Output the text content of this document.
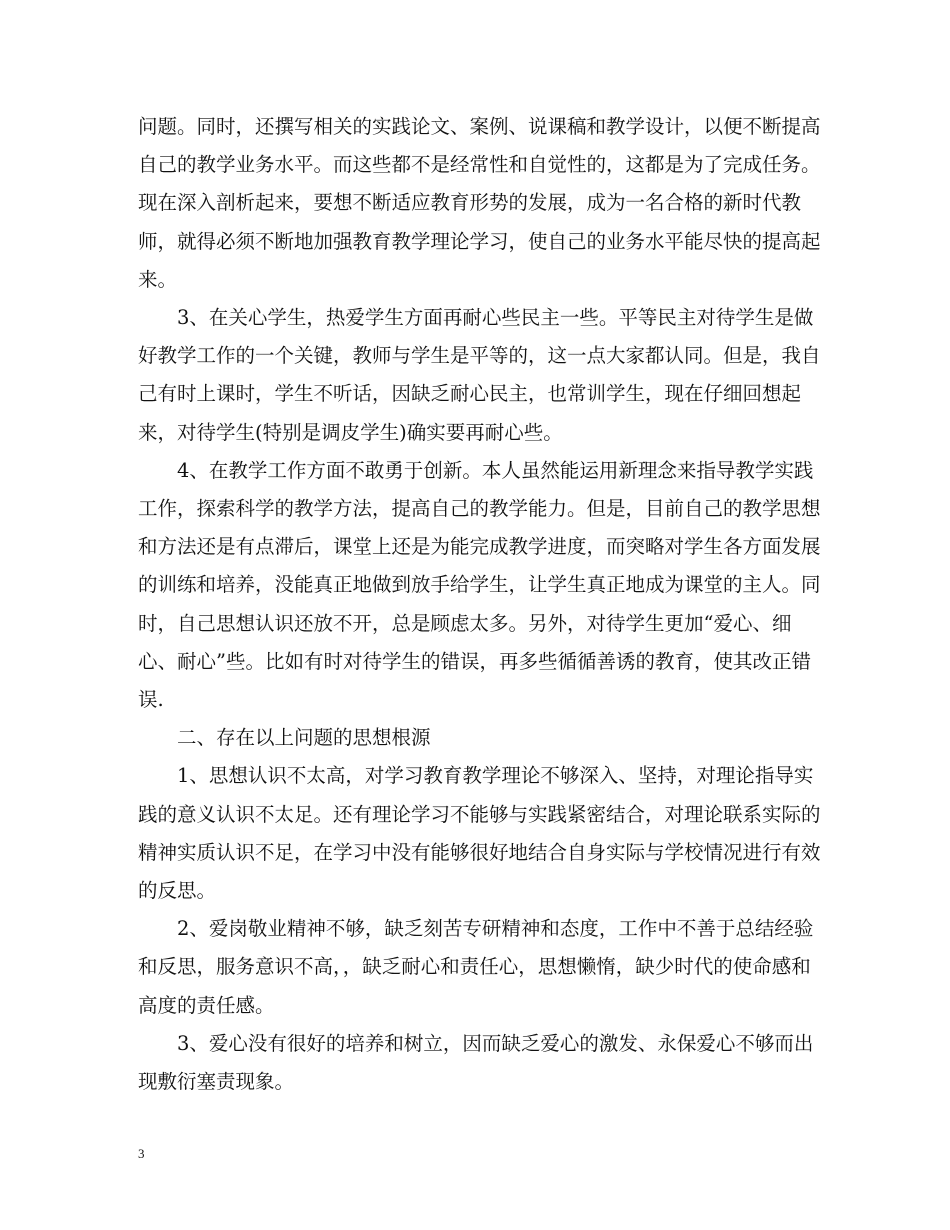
问题。同时，还撰写相关的实践论文、案例、说课稿和教学设计，以便不断提高自己的教学业务水平。而这些都不是经常性和自觉性的，这都是为了完成任务。现在深入剖析起来，要想不断适应教育形势的发展，成为一名合格的新时代教师，就得必须不断地加强教育教学理论学习，使自己的业务水平能尽快的提高起来。

3、在关心学生，热爱学生方面再耐心些民主一些。平等民主对待学生是做好教学工作的一个关键，教师与学生是平等的，这一点大家都认同。但是，我自己有时上课时，学生不听话，因缺乏耐心民主，也常训学生，现在仔细回想起来，对待学生(特别是调皮学生)确实要再耐心些。

4、在教学工作方面不敢勇于创新。本人虽然能运用新理念来指导教学实践工作，探索科学的教学方法，提高自己的教学能力。但是，目前自己的教学思想和方法还是有点滞后，课堂上还是为能完成教学进度，而突略对学生各方面发展的训练和培养，没能真正地做到放手给学生，让学生真正地成为课堂的主人。同时，自己思想认识还放不开，总是顾虑太多。另外，对待学生更加“爱心、细心、耐心”些。比如有时对待学生的错误，再多些循循善诱的教育，使其改正错误.

二、存在以上问题的思想根源

1、思想认识不太高，对学习教育教学理论不够深入、坚持，对理论指导实践的意义认识不太足。还有理论学习不能够与实践紧密结合，对理论联系实际的精神实质认识不足，在学习中没有能够很好地结合自身实际与学校情况进行有效的反思。

2、爱岗敬业精神不够，缺乏刻苦专研精神和态度，工作中不善于总结经验和反思，服务意识不高，，缺乏耐心和责任心，思想懒惰，缺少时代的使命感和高度的责任感。

3、爱心没有很好的培养和树立，因而缺乏爱心的激发、永保爱心不够而出现敷衍塞责现象。

3
